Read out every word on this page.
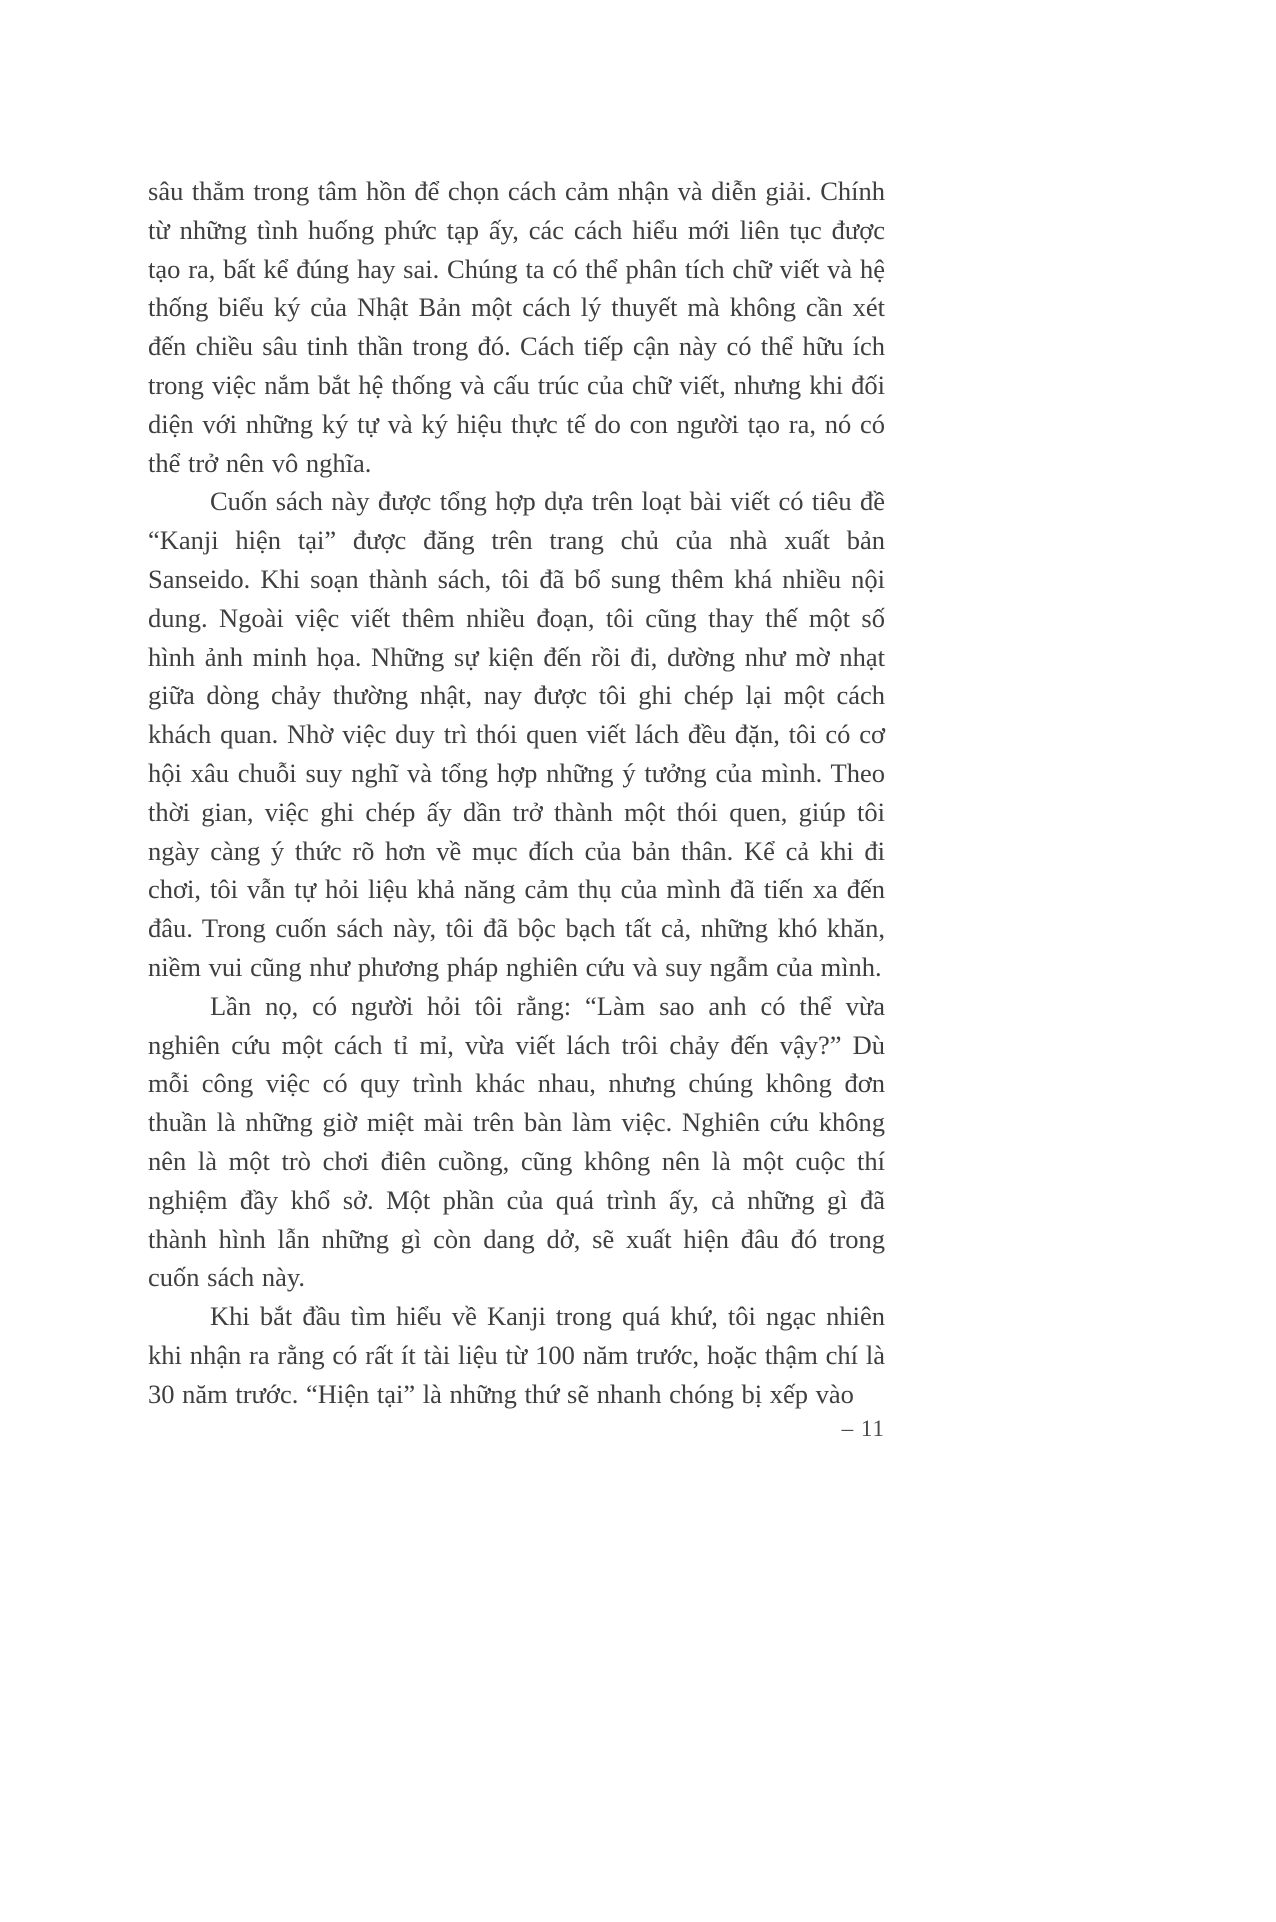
sâu thẳm trong tâm hồn để chọn cách cảm nhận và diễn giải. Chính từ những tình huống phức tạp ấy, các cách hiểu mới liên tục được tạo ra, bất kể đúng hay sai. Chúng ta có thể phân tích chữ viết và hệ thống biểu ký của Nhật Bản một cách lý thuyết mà không cần xét đến chiều sâu tinh thần trong đó. Cách tiếp cận này có thể hữu ích trong việc nắm bắt hệ thống và cấu trúc của chữ viết, nhưng khi đối diện với những ký tự và ký hiệu thực tế do con người tạo ra, nó có thể trở nên vô nghĩa.

Cuốn sách này được tổng hợp dựa trên loạt bài viết có tiêu đề “Kanji hiện tại” được đăng trên trang chủ của nhà xuất bản Sanseido. Khi soạn thành sách, tôi đã bổ sung thêm khá nhiều nội dung. Ngoài việc viết thêm nhiều đoạn, tôi cũng thay thế một số hình ảnh minh họa. Những sự kiện đến rồi đi, dường như mờ nhạt giữa dòng chảy thường nhật, nay được tôi ghi chép lại một cách khách quan. Nhờ việc duy trì thói quen viết lách đều đặn, tôi có cơ hội xâu chuỗi suy nghĩ và tổng hợp những ý tưởng của mình. Theo thời gian, việc ghi chép ấy dần trở thành một thói quen, giúp tôi ngày càng ý thức rõ hơn về mục đích của bản thân. Kể cả khi đi chơi, tôi vẫn tự hỏi liệu khả năng cảm thụ của mình đã tiến xa đến đâu. Trong cuốn sách này, tôi đã bộc bạch tất cả, những khó khăn, niềm vui cũng như phương pháp nghiên cứu và suy ngẫm của mình.

Lần nọ, có người hỏi tôi rằng: “Làm sao anh có thể vừa nghiên cứu một cách tỉ mỉ, vừa viết lách trôi chảy đến vậy?” Dù mỗi công việc có quy trình khác nhau, nhưng chúng không đơn thuần là những giờ miệt mài trên bàn làm việc. Nghiên cứu không nên là một trò chơi điên cuồng, cũng không nên là một cuộc thí nghiệm đầy khổ sở. Một phần của quá trình ấy, cả những gì đã thành hình lẫn những gì còn dang dở, sẽ xuất hiện đâu đó trong cuốn sách này.

Khi bắt đầu tìm hiểu về Kanji trong quá khứ, tôi ngạc nhiên khi nhận ra rằng có rất ít tài liệu từ 100 năm trước, hoặc thậm chí là 30 năm trước. “Hiện tại” là những thứ sẽ nhanh chóng bị xếp vào

– 11
